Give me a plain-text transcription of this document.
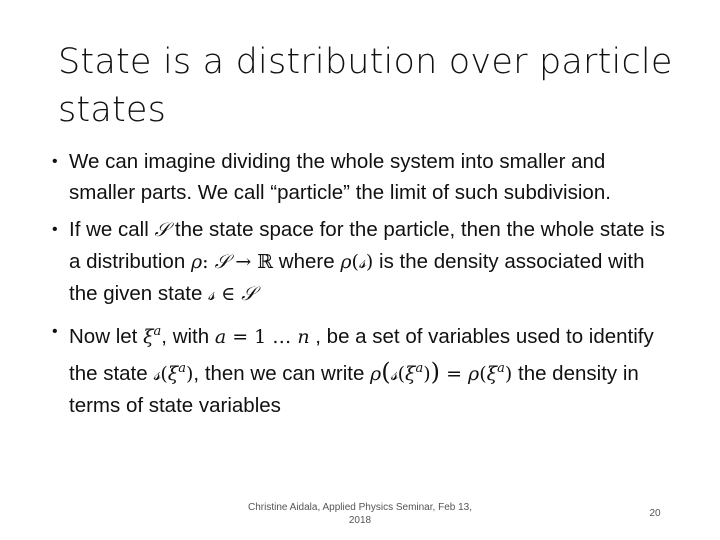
State is a distribution over particle states
• We can imagine dividing the whole system into smaller and smaller parts. We call “particle” the limit of such subdivision.
• If we call 𝒮 the state space for the particle, then the whole state is a distribution ρ: 𝒮 → ℝ where ρ(𝓈) is the density associated with the given state 𝓈 ∈ 𝒮
• Now let $\xi^a$, with a = 1 … n , be a set of variables used to identify the state $𝓈(\xi^a)$, then we can write $\rho(𝓈(\xi^a)) = \rho(\xi^a)$ the density in terms of state variables
Christine Aidala, Applied Physics Seminar, Feb 13, 2018
20
